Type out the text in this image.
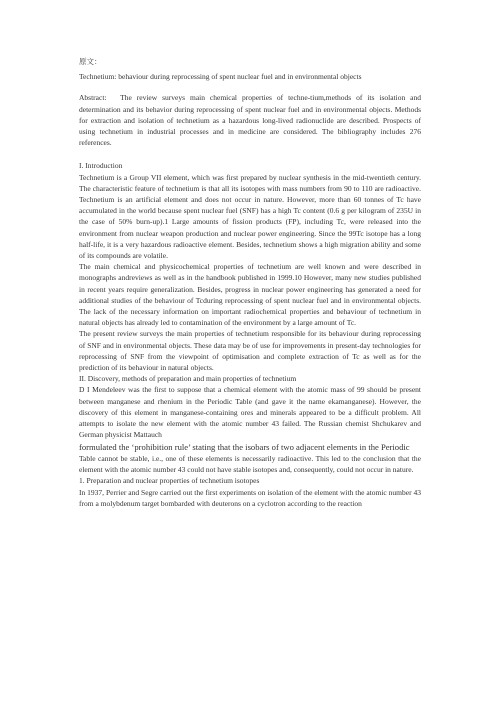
原文：

Technetium: behaviour during reprocessing of spent nuclear fuel and in environmental objects

Abstract:　The review surveys main chemical properties of techne-tium,methods of its isolation and determination and its behavior during reprocessing of spent nuclear fuel and in environmental objects. Methods for extraction and isolation of technetium as a hazardous long-lived radionuclide are described. Prospects of using technetium in industrial processes and in medicine are considered. The bibliography includes 276 references.

I. Introduction

Technetium is a Group VII element, which was first prepared by nuclear synthesis in the mid-twentieth century. The characteristic feature of technetium is that all its isotopes with mass numbers from 90 to 110 are radioactive. Technetium is an artificial element and does not occur in nature. However, more than 60 tonnes of Tc have accumulated in the world because spent nuclear fuel (SNF) has a high Tc content (0.6 g per kilogram of 235U in the case of 50% burn-up).1 Large amounts of fission products (FP), including Tc, were released into the environment from nuclear weapon production and nuclear power engineering. Since the 99Tc isotope has a long half-life, it is a very hazardous radioactive element. Besides, technetium shows a high migration ability and some of its compounds are volatile.

The main chemical and physicochemical properties of technetium are well known and were described in monographs andreviews as well as in the handbook published in 1999.10 However, many new studies published in recent years require generalization. Besides, progress in nuclear power engineering has generated a need for additional studies of the behaviour of Tcduring reprocessing of spent nuclear fuel and in environmental objects. The lack of the necessary information on important radiochemical properties and behaviour of technetium in natural objects has already led to contamination of the environment by a large amount of Tc.

The present review surveys the main properties of technetium responsible for its behaviour during reprocessing of SNF and in environmental objects. These data may be of use for improvements in present-day technologies for reprocessing of SNF from the viewpoint of optimisation and complete extraction of Tc as well as for the prediction of its behaviour in natural objects.

II. Discovery, methods of preparation and main properties of technetium

D I Mendeleev was the first to suppose that a chemical element with the atomic mass of 99 should be present between manganese and rhenium in the Periodic Table (and gave it the name ekamanganese). However, the discovery of this element in manganese-containing ores and minerals appeared to be a difficult problem. All attempts to isolate the new element with the atomic number 43 failed. The Russian chemist Shchukarev and German physicist Mattauch

formulated the ‘prohibition rule’ stating that the isobars of two adjacent elements in the Periodic

Table cannot be stable, i.e., one of these elements is necessarily radioactive. This led to the conclusion that the element with the atomic number 43 could not have stable isotopes and, consequently, could not occur in nature.

1. Preparation and nuclear properties of technetium isotopes

In 1937, Perrier and Segre carried out the first experiments on isolation of the element with the atomic number 43 from a molybdenum target bombarded with deuterons on a cyclotron according to the reaction
